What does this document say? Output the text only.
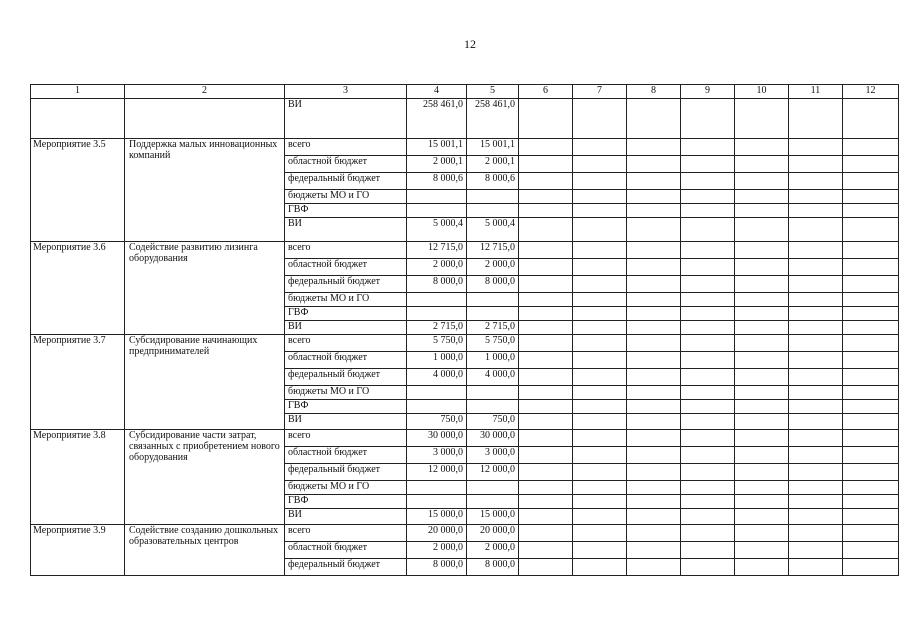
12
1	2	3	4	5	6	7	8	9	10	11	12
		ВИ	258 461,0	258 461,0							
Мероприятие 3.5	Поддержка малых инновационных компаний	всего	15 001,1	15 001,1							
		областной бюджет	2 000,1	2 000,1							
		федеральный бюджет	8 000,6	8 000,6							
		бюджеты МО и ГО									
		ГВФ									
		ВИ	5 000,4	5 000,4							
Мероприятие 3.6	Содействие развитию лизинга оборудования	всего	12 715,0	12 715,0							
		областной бюджет	2 000,0	2 000,0							
		федеральный бюджет	8 000,0	8 000,0							
		бюджеты МО и ГО									
		ГВФ									
		ВИ	2 715,0	2 715,0							
Мероприятие 3.7	Субсидирование начинающих предпринимателей	всего	5 750,0	5 750,0							
		областной бюджет	1 000,0	1 000,0							
		федеральный бюджет	4 000,0	4 000,0							
		бюджеты МО и ГО									
		ГВФ									
		ВИ	750,0	750,0							
Мероприятие 3.8	Субсидирование части затрат, связанных с приобретением нового оборудования	всего	30 000,0	30 000,0							
		областной бюджет	3 000,0	3 000,0							
		федеральный бюджет	12 000,0	12 000,0							
		бюджеты МО и ГО									
		ГВФ									
		ВИ	15 000,0	15 000,0							
Мероприятие 3.9	Содействие созданию дошкольных образовательных центров	всего	20 000,0	20 000,0							
		областной бюджет	2 000,0	2 000,0							
		федеральный бюджет	8 000,0	8 000,0							
